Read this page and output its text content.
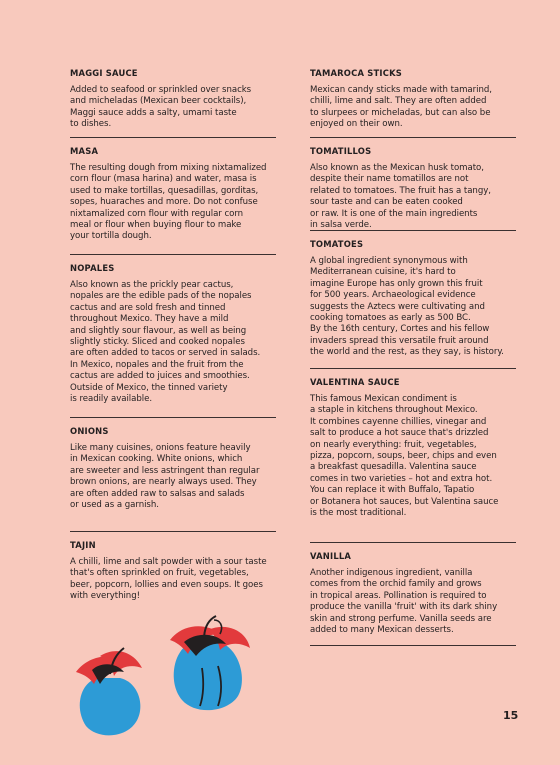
MAGGI SAUCE

Added to seafood or sprinkled over snacks
and micheladas (Mexican beer cocktails),
Maggi sauce adds a salty, umami taste
to dishes.

MASA

The resulting dough from mixing nixtamalized
corn flour (masa harina) and water, masa is
used to make tortillas, quesadillas, gorditas,
sopes, huaraches and more. Do not confuse
nixtamalized corn flour with regular corn
meal or flour when buying flour to make
your tortilla dough.

NOPALES

Also known as the prickly pear cactus,
nopales are the edible pads of the nopales
cactus and are sold fresh and tinned
throughout Mexico. They have a mild
and slightly sour flavour, as well as being
slightly sticky. Sliced and cooked nopales
are often added to tacos or served in salads.
In Mexico, nopales and the fruit from the
cactus are added to juices and smoothies.
Outside of Mexico, the tinned variety
is readily available.

ONIONS

Like many cuisines, onions feature heavily
in Mexican cooking. White onions, which
are sweeter and less astringent than regular
brown onions, are nearly always used. They
are often added raw to salsas and salads
or used as a garnish.

TAJIN

A chilli, lime and salt powder with a sour taste
that's often sprinkled on fruit, vegetables,
beer, popcorn, lollies and even soups. It goes
with everything!

TAMAROCA STICKS

Mexican candy sticks made with tamarind,
chilli, lime and salt. They are often added
to slurpees or micheladas, but can also be
enjoyed on their own.

TOMATILLOS

Also known as the Mexican husk tomato,
despite their name tomatillos are not
related to tomatoes. The fruit has a tangy,
sour taste and can be eaten cooked
or raw. It is one of the main ingredients
in salsa verde.

TOMATOES

A global ingredient synonymous with
Mediterranean cuisine, it's hard to
imagine Europe has only grown this fruit
for 500 years. Archaeological evidence
suggests the Aztecs were cultivating and
cooking tomatoes as early as 500 BC.
By the 16th century, Cortes and his fellow
invaders spread this versatile fruit around
the world and the rest, as they say, is history.

VALENTINA SAUCE

This famous Mexican condiment is
a staple in kitchens throughout Mexico.
It combines cayenne chillies, vinegar and
salt to produce a hot sauce that's drizzled
on nearly everything: fruit, vegetables,
pizza, popcorn, soups, beer, chips and even
a breakfast quesadilla. Valentina sauce
comes in two varieties – hot and extra hot.
You can replace it with Buffalo, Tapatio
or Botanera hot sauces, but Valentina sauce
is the most traditional.

VANILLA

Another indigenous ingredient, vanilla
comes from the orchid family and grows
in tropical areas. Pollination is required to
produce the vanilla 'fruit' with its dark shiny
skin and strong perfume. Vanilla seeds are
added to many Mexican desserts.

15
